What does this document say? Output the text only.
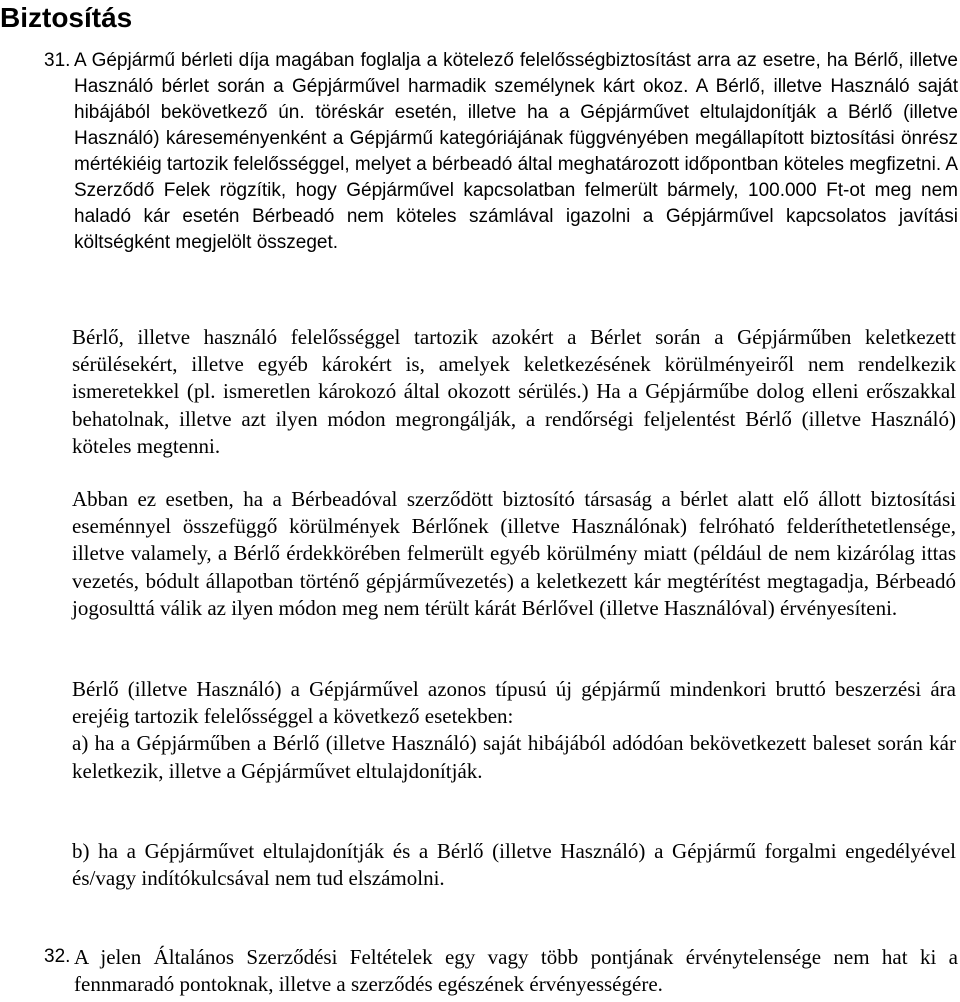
Biztosítás
31. A Gépjármű bérleti díja magában foglalja a kötelező felelősségbiztosítást arra az esetre, ha Bérlő, illetve Használó bérlet során a Gépjárművel harmadik személynek kárt okoz. A Bérlő, illetve Használó saját hibájából bekövetkező ún. töréskár esetén, illetve ha a Gépjárművet eltulajdonítják a Bérlő (illetve Használó) káreseményenként a Gépjármű kategóriájának függvényében megállapított biztosítási önrész mértékiéig tartozik felelősséggel, melyet a bérbeadó által meghatározott időpontban köteles megfizetni. A Szerződő Felek rögzítik, hogy Gépjárművel kapcsolatban felmerült bármely, 100.000 Ft-ot meg nem haladó kár esetén Bérbeadó nem köteles számlával igazolni a Gépjárművel kapcsolatos javítási költségként megjelölt összeget.

Bérlő, illetve használó felelősséggel tartozik azokért a Bérlet során a Gépjárműben keletkezett sérülésekért, illetve egyéb károkért is, amelyek keletkezésének körülményeiről nem rendelkezik ismeretekkel (pl. ismeretlen károkozó által okozott sérülés.) Ha a Gépjárműbe dolog elleni erőszakkal behatolnak, illetve azt ilyen módon megrongálják, a rendőrségi feljelentést Bérlő (illetve Használó) köteles megtenni.

Abban ez esetben, ha a Bérbeadóval szerződött biztosító társaság a bérlet alatt elő állott biztosítási eseménnyel összefüggő körülmények Bérlőnek (illetve Használónak) felróható felderíthetetlensége, illetve valamely, a Bérlő érdekkörében felmerült egyéb körülmény miatt (például de nem kizárólag ittas vezetés, bódult állapotban történő gépjárművezetés) a keletkezett kár megtérítést megtagadja, Bérbeadó jogosulttá válik az ilyen módon meg nem térült kárát Bérlővel (illetve Használóval) érvényesíteni.

Bérlő (illetve Használó) a Gépjárművel azonos típusú új gépjármű mindenkori bruttó beszerzési ára erejéig tartozik felelősséggel a következő esetekben:
a) ha a Gépjárműben a Bérlő (illetve Használó) saját hibájából adódóan bekövetkezett baleset során kár keletkezik, illetve a Gépjárművet eltulajdonítják.

b) ha a Gépjárművet eltulajdonítják és a Bérlő (illetve Használó) a Gépjármű forgalmi engedélyével és/vagy indítókulcsával nem tud elszámolni.

32. A jelen Általános Szerződési Feltételek egy vagy több pontjának érvénytelensége nem hat ki a fennmaradó pontoknak, illetve a szerződés egészének érvényességére.
